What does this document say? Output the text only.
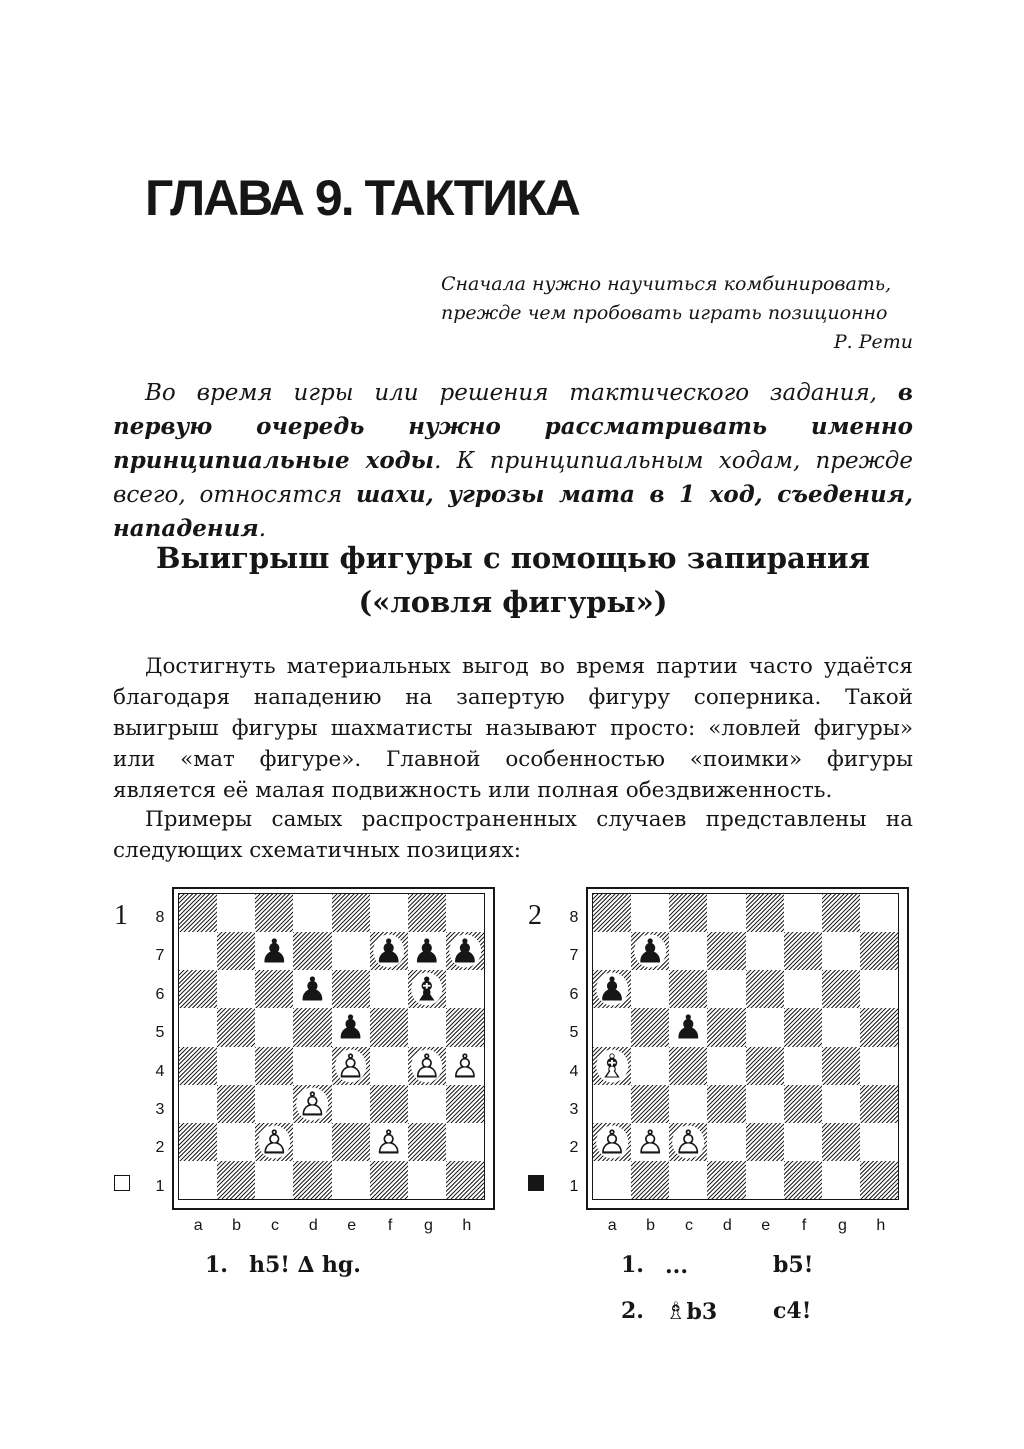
ГЛАВА 9. ТАКТИКА
Сначала нужно научиться комбинировать,
прежде чем пробовать играть позиционно
Р. Рети
Во время игры или решения тактического задания, в первую очередь нужно рассматривать именно принципиальные ходы. К принципиальным ходам, прежде всего, относятся шахи, угрозы мата в 1 ход, съедения, нападения.
Выигрыш фигуры с помощью запирания
(«ловля фигуры»)

Достигнуть материальных выгод во время партии часто удаётся благодаря нападению на запертую фигуру соперника. Такой выигрыш фигуры шахматисты называют просто: «ловлей фигуры» или «мат фигуре». Главной особенностью «поимки» фигуры является её малая подвижность или полная обездвиженность.

Примеры самых распространенных случаев представлены на следующих схематичных позициях:

1	8
7
6
5
4
3
2
1
♟	♟ ♟ ♟
♟	♝
♟
♙ ♙ ♙
♙
♙	♙
a	b	c	d	e	f	g	h
2	8
7
6
5
4
3
2
1
♟
♟
♟
♗
♙ ♙ ♙
a	b	c	d	e	f	g	h
1. h5! ∆ hg.	1. ...	b5!
2. ♗b3	c4!
